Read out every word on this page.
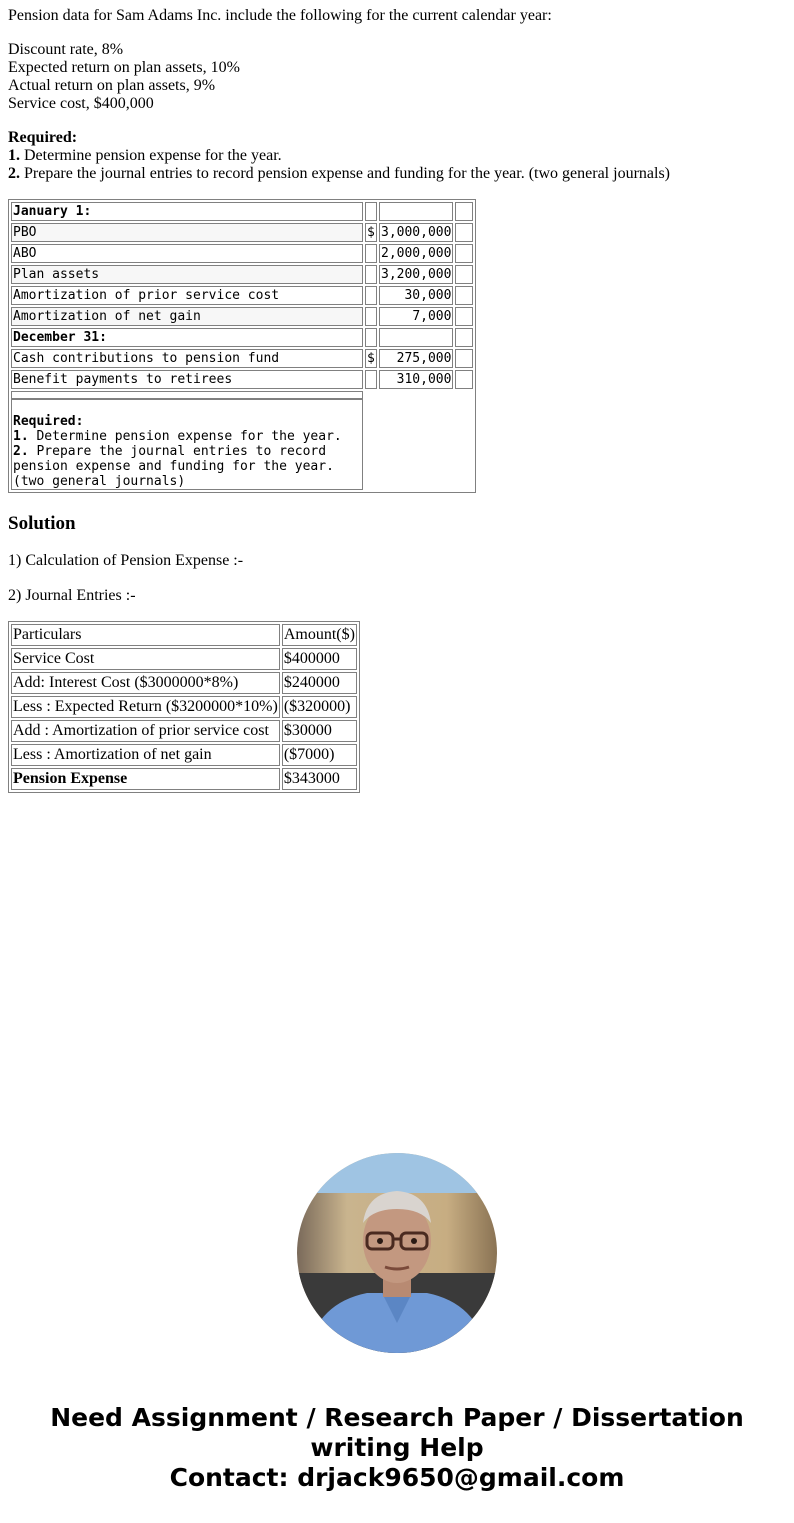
Pension data for Sam Adams Inc. include the following for the current calendar year:

Discount rate, 8%
Expected return on plan assets, 10%
Actual return on plan assets, 9%
Service cost, $400,000

Required:
1. Determine pension expense for the year.
2. Prepare the journal entries to record pension expense and funding for the year. (two general journals)

January 1:			
PBO	$	3,000,000	
ABO		2,000,000	
Plan assets		3,200,000	
Amortization of prior service cost		30,000	
Amortization of net gain		7,000	
December 31:			
Cash contributions to pension fund	$	275,000	
Benefit payments to retirees		310,000	

Required:
1. Determine pension expense for the year.
2. Prepare the journal entries to record pension expense and funding for the year. (two general journals)

Solution

1) Calculation of Pension Expense :-

2) Journal Entries :-

Particulars	Amount($)
Service Cost	$400000
Add: Interest Cost ($3000000*8%)	$240000
Less : Expected Return ($3200000*10%)	($320000)
Add : Amortization of prior service cost	$30000
Less : Amortization of net gain	($7000)
Pension Expense	$343000
Need Assignment / Research Paper / Dissertation
writing Help
Contact: drjack9650@gmail.com
